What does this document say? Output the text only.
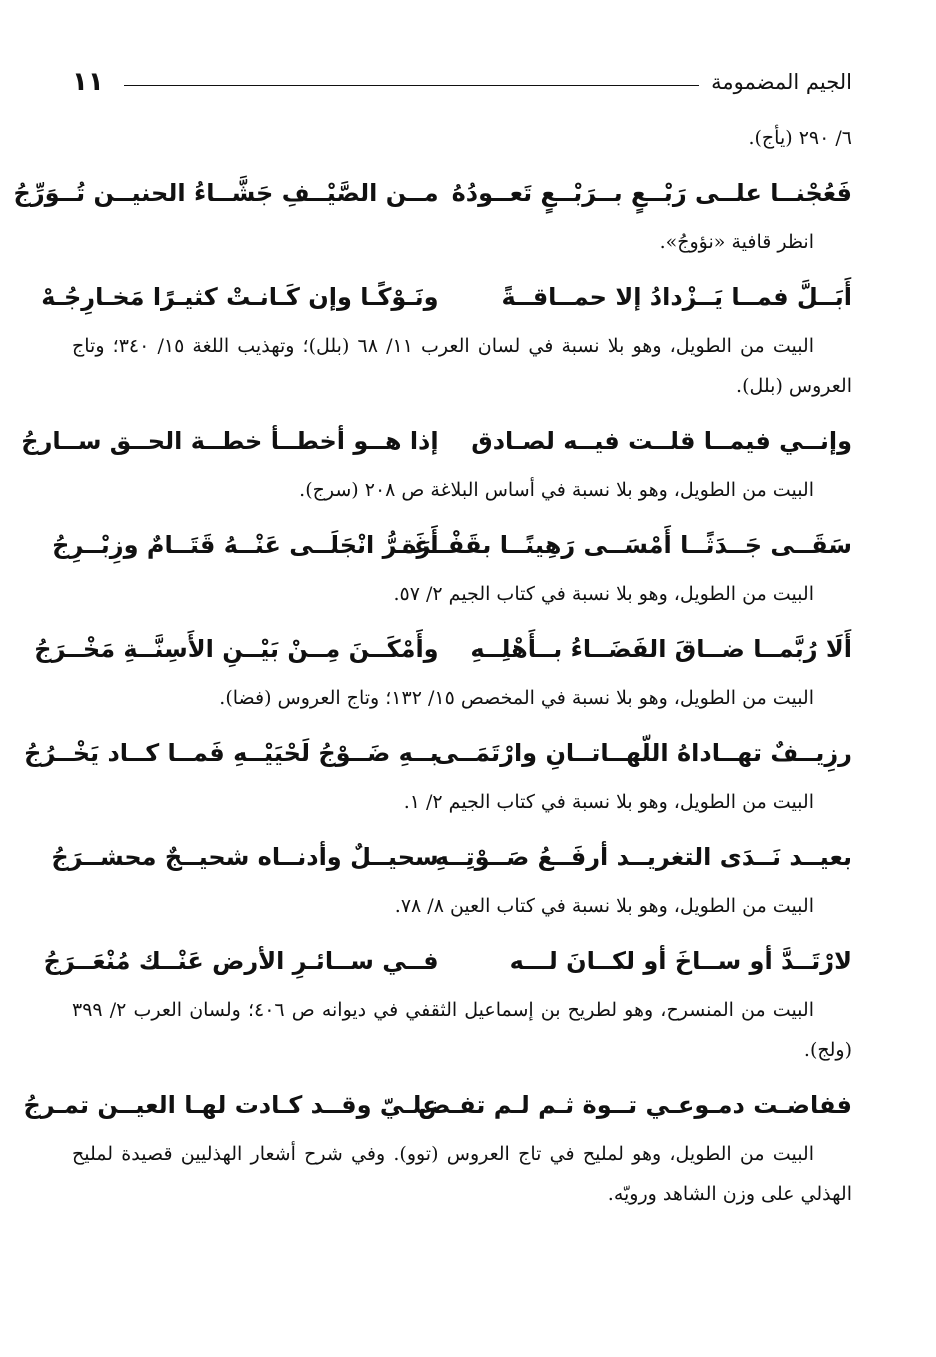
١١	الجيم المضمومة

٦/ ٢٩٠ (يأج).

فَعُجْنــا علــى رَبْــعٍ بــرَبْــعٍ تَعــودُهُ
مــن الصَّيْــفِ جَشَّــاءُ الحنيــن تُــوَرِّجُ

انظر قافية «نؤوجُ».

أَبَــلَّ فمــا يَــزْدادُ إلا حمــاقــةً
ونَـوْكًـا وإن كَـانـتْ كثيـرًا مَخـارِجُـهْ

البيت من الطويل، وهو بلا نسبة في لسان العرب ١١/ ٦٨ (بلل)؛ وتهذيب اللغة ١٥/ ٣٤٠؛ وتاج العروس (بلل).

وإنــي فيمــا قلــت فيــه لصـادق
إذا هــو أخطــأ خطــة الحــق ســارجُ

البيت من الطويل، وهو بلا نسبة في أساس البلاغة ص ٢٠٨ (سرج).

سَقَــى جَــدَثًــا أَمْسَــى رَهِينًــا بقَفْــرَة
أَغَــرُّ انْجَلَــى عَنْــهُ قَتَــامٌ وزِبْــرِجُ

البيت من الطويل، وهو بلا نسبة في كتاب الجيم ٢/ ٥٧.

أَلَا رُبَّمــا ضــاقَ الفَضَــاءُ بــأَهْلِــهِ
وأَمْكَــنَ مِــنْ بَيْــنِ الأَسِنَّــةِ مَخْــرَجُ

البيت من الطويل، وهو بلا نسبة في المخصص ١٥/ ١٣٢؛ وتاج العروس (فضا).

رزِيــفٌ تهــاداهُ اللّهــاتــانِ وارْتَمَــى
بــهِ ضَــوْجُ لَحْيَيْــهِ فَمــا كــاد يَخْــرُجُ

البيت من الطويل، وهو بلا نسبة في كتاب الجيم ٢/ ١.

بعيــد نَــدَى التغريــد أرفَــعُ صَــوْتِــهِ
سحيــلٌ وأدنــاه شحيــجٌ محشــرَجُ

البيت من الطويل، وهو بلا نسبة في كتاب العين ٨/ ٧٨.

لارْتَــدَّ أو ســاخَ أو لكــانَ لـــه
فــي ســائـرِ الأرض عَنْــك مُنْعَــرَجُ

البيت من المنسرح، وهو لطريح بن إسماعيل الثقفي في ديوانه ص ٤٠٦؛ ولسان العرب ٢/ ٣٩٩ (ولج).

ففاضـت دمـوعـي تــوة ثـم لـم تفـض
علـيّ وقــد كـادت لهـا العيــن تمـرجُ

البيت من الطويل، وهو لمليح في تاج العروس (توو). وفي شرح أشعار الهذليين قصيدة لمليح الهذلي على وزن الشاهد ورويّه.
